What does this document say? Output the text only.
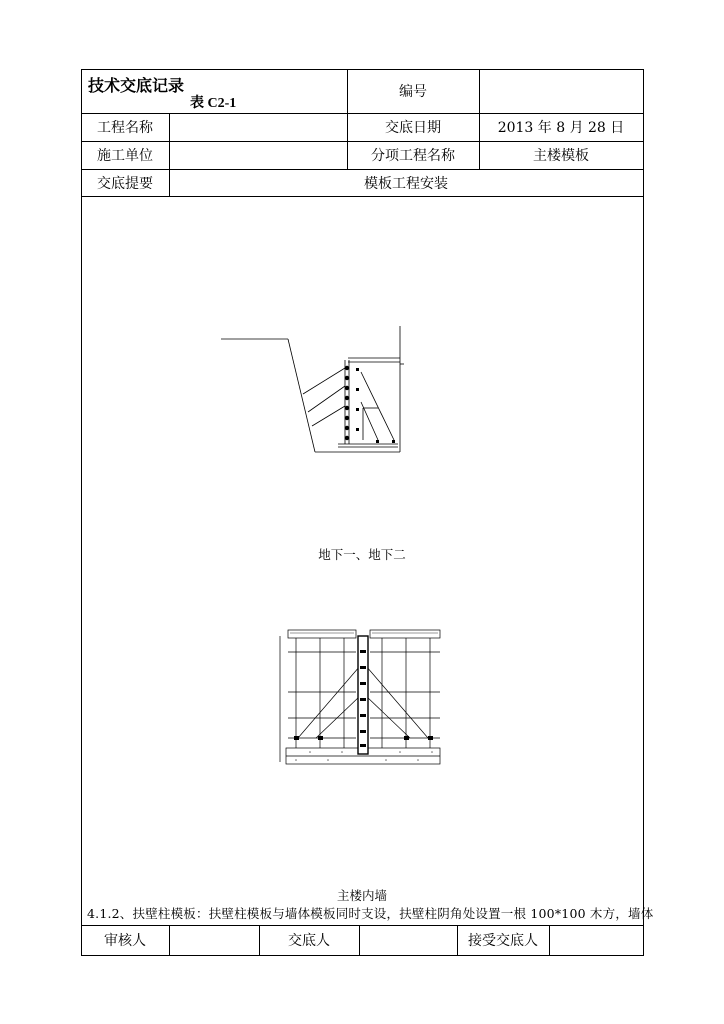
技术交底记录
表 C2-1
编号
工程名称	交底日期	2013 年 8 月 28 日
施工单位	分项工程名称	主楼模板
交底提要	模板工程安装
地下一、地下二
主楼内墙
4.1.2、扶壁柱模板：扶壁柱模板与墙体模板同时支设，扶壁柱阴角处设置一根 100*100 木方，墙体
审核人	交底人	接受交底人
